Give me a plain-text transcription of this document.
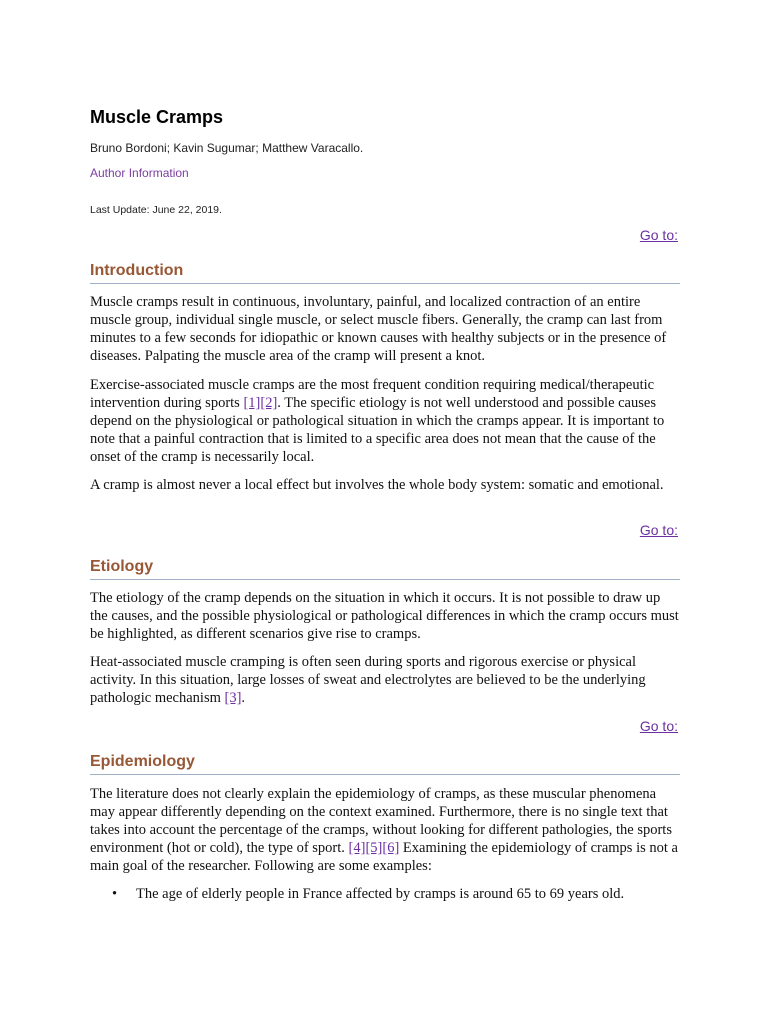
Muscle Cramps
Bruno Bordoni; Kavin Sugumar; Matthew Varacallo.
Author Information
Last Update: June 22, 2019.
Go to:
Introduction
Muscle cramps result in continuous, involuntary, painful, and localized contraction of an entire muscle group, individual single muscle, or select muscle fibers. Generally, the cramp can last from minutes to a few seconds for idiopathic or known causes with healthy subjects or in the presence of diseases. Palpating the muscle area of the cramp will present a knot.
Exercise-associated muscle cramps are the most frequent condition requiring medical/therapeutic intervention during sports [1][2]. The specific etiology is not well understood and possible causes depend on the physiological or pathological situation in which the cramps appear. It is important to note that a painful contraction that is limited to a specific area does not mean that the cause of the onset of the cramp is necessarily local.
A cramp is almost never a local effect but involves the whole body system: somatic and emotional.
Go to:
Etiology
The etiology of the cramp depends on the situation in which it occurs. It is not possible to draw up the causes, and the possible physiological or pathological differences in which the cramp occurs must be highlighted, as different scenarios give rise to cramps.
Heat-associated muscle cramping is often seen during sports and rigorous exercise or physical activity. In this situation, large losses of sweat and electrolytes are believed to be the underlying pathologic mechanism [3].
Go to:
Epidemiology
The literature does not clearly explain the epidemiology of cramps, as these muscular phenomena may appear differently depending on the context examined. Furthermore, there is no single text that takes into account the percentage of the cramps, without looking for different pathologies, the sports environment (hot or cold), the type of sport. [4][5][6] Examining the epidemiology of cramps is not a main goal of the researcher. Following are some examples:
• The age of elderly people in France affected by cramps is around 65 to 69 years old.
